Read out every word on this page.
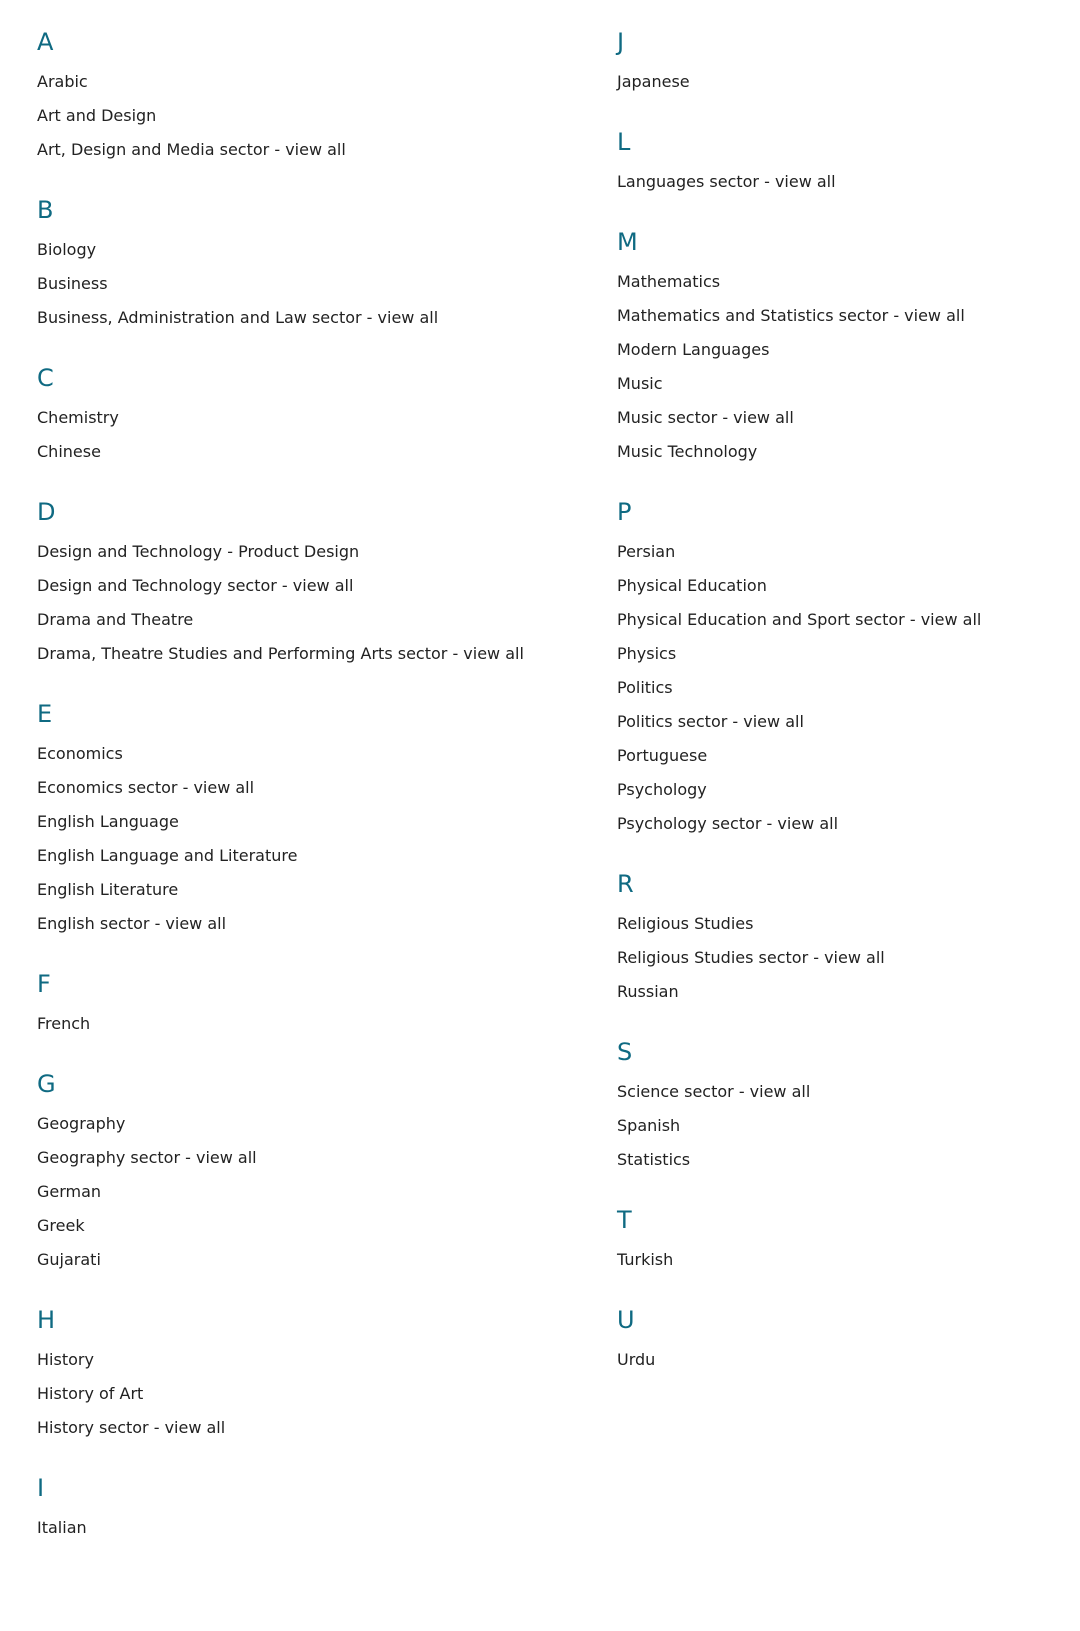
A
Arabic
Art and Design
Art, Design and Media sector - view all
B
Biology
Business
Business, Administration and Law sector - view all
C
Chemistry
Chinese
D
Design and Technology - Product Design
Design and Technology sector - view all
Drama and Theatre
Drama, Theatre Studies and Performing Arts sector - view all
E
Economics
Economics sector - view all
English Language
English Language and Literature
English Literature
English sector - view all
F
French
G
Geography
Geography sector - view all
German
Greek
Gujarati
H
History
History of Art
History sector - view all
I
Italian
J
Japanese
L
Languages sector - view all
M
Mathematics
Mathematics and Statistics sector - view all
Modern Languages
Music
Music sector - view all
Music Technology
P
Persian
Physical Education
Physical Education and Sport sector - view all
Physics
Politics
Politics sector - view all
Portuguese
Psychology
Psychology sector - view all
R
Religious Studies
Religious Studies sector - view all
Russian
S
Science sector - view all
Spanish
Statistics
T
Turkish
U
Urdu
